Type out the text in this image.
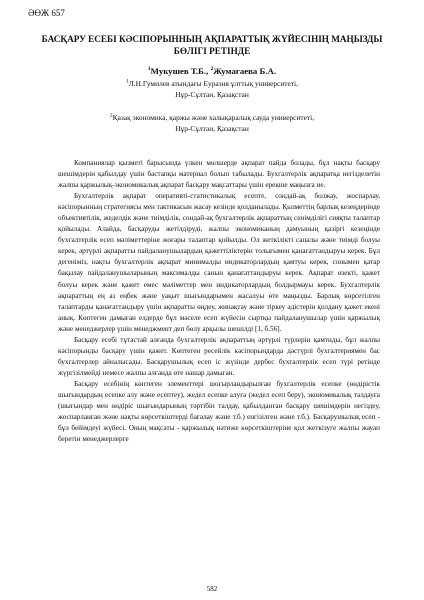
ӘӨЖ 657
БАСҚАРУ ЕСЕБІ КӘСІПОРЫННЫҢ АҚПАРАТТЫҚ ЖҮЙЕСІНІҢ МАҢЫЗДЫ БӨЛІГІ РЕТІНДЕ
$^1$Мукушев Т.Б., $^2$Жумагаева Б.А.
$^1$Л.Н.Гумилев атындағы Еуразия ұлттық университеті,
Нұр-Сұлтан, Қазақстан
$^2$Қазақ экономика, қаржы және халықаралық сауда университеті,
Нұр-Сұлтан, Қазақстан

Компаниялар қызметі барысында үлкен мөлшерде ақпарат пайда болады, бұл нақты басқару шешімдерін қабылдау үшін бастапқы материал болып табылады. Бухгалтерлік ақпаратқа негізделетін жалпы қаржылық-экономикалық ақпарат басқару мақсаттары үшін ерекше маңызға ие.

Бухгалтерлік ақпарат оперативті-статистикалық есепте, сондай-ақ болжау, жоспарлау, кәсіпорынның стратегиясы мен тактикасын жасау кезінде қолданылады. Қызметтің барлық кезеңдерінде объективтілік, жеделдік және тиімділік, сондай-ақ бухгалтерлік ақпараттың сенімділігі сияқты талаптар қойылады. Алайда, басқаруды жетілдіруді, жалпы экономиканың дамуының қазіргі кезеңінде бухгалтерлік есеп мәліметтеріне жоғары талаптар қойылды. Ол жеткілікті сапалы және тиімді болуы керек, әртүрлі ақпаратты пайдаланушылардың қажеттіліктерін толығымен қанағаттандыруы керек. Бұл дегеніміз, нақты бухгалтерлік ақпарат минималды индикаторлардың қамтуы керек, сонымен қатар бақылау пайдаланушыларының максималды санын қанағаттандыруы керек. Ақпарат өзекті, қажет болуы керек және қажет емес мәліметтер мен индикаторлардың болдырмауы керек. Бухгалтерлік ақпараттың ең аз еңбек және уақыт шығындарымен жасалуы өте маңызды. Барлық көрсетілген талаптарды қанағаттандыру үшін ақпаратты өңдеу, жинақтау және тіркеу әдістерін қолдану қажет екені анық. Көптеген дамыған елдерде бұл мәселе есеп жүйесін сыртқы пайдаланушылар үшін қаржылық және менеджерлер үшін менеджмент деп бөлу арқылы шешілді [1, б.56].

Басқару есебі тұтастай алғанда бухгалтерлік ақпараттың әртүрлі түрлерін қамтиды, бұл жалпы кәсіпорынды басқару үшін қажет. Көптеген ресейлік кәсіпорындарда дәстүрлі бухгалтериямен бас бухгалтерлер айналысады. Басқарушылық есеп іс жүзінде дербес бухгалтерлік есеп түрі ретінде жүргізілмейді немесе жалпы алғанда өте нашар дамыған.

Басқару есебінің көптеген элементтері шоғырландырылған бухгалтерлік есепке (өндірістік шығындардың есепке алу және есептеу), жедел есепке алуға (жедел есеп беру), экономикалық талдауға (шығындар мен өндіріс шығындарының тәртібін талдау, қабылданған басқару шешімдерін негіздеу, жоспарланған және нақты көрсеткіштерді бағалау және т.б.) енгізілген және т.б.). Басқарушылық есеп - бұл бейімдеуі жүйесі. Оның мақсаты - қаржылық нәтиже көрсеткіштеріне қол жеткізуге жалпы жауап беретін менеджерлерге

582
